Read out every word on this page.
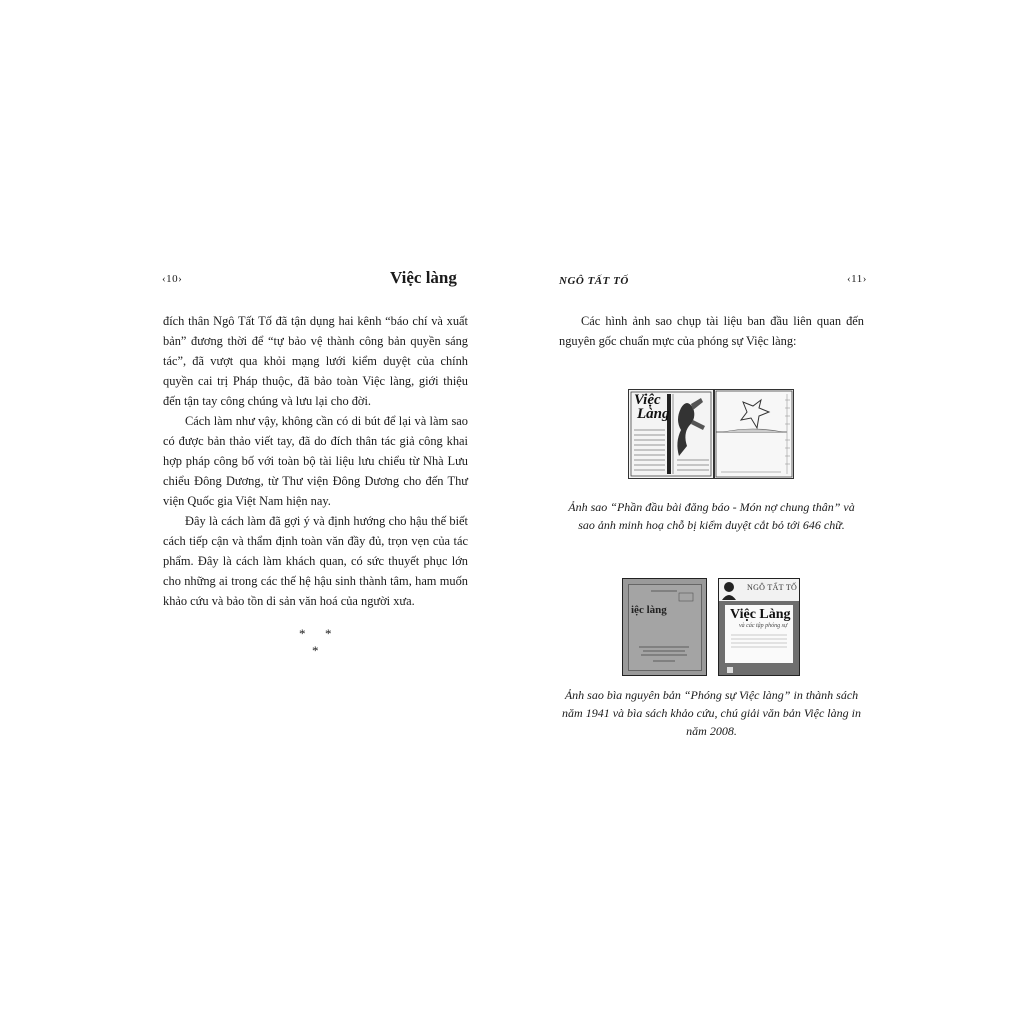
‹10›	Việc làng

đích thân Ngô Tất Tố đã tận dụng hai kênh “báo chí và xuất bản” đương thời để “tự bảo vệ thành công bản quyền sáng tác”, đã vượt qua khỏi mạng lưới kiểm duyệt của chính quyền cai trị Pháp thuộc, đã bảo toàn Việc làng, giới thiệu đến tận tay công chúng và lưu lại cho đời.

Cách làm như vậy, không cần có di bút để lại và làm sao có được bản thảo viết tay, đã do đích thân tác giả công khai hợp pháp công bố với toàn bộ tài liệu lưu chiểu từ Nhà Lưu chiểu Đông Dương, từ Thư viện Đông Dương cho đến Thư viện Quốc gia Việt Nam hiện nay.

Đây là cách làm đã gợi ý và định hướng cho hậu thế biết cách tiếp cận và thẩm định toàn văn đầy đủ, trọn vẹn của tác phẩm. Đây là cách làm khách quan, có sức thuyết phục lớn cho những ai trong các thế hệ hậu sinh thành tâm, ham muốn khảo cứu và bảo tồn di sản văn hoá của người xưa.

* *
*
NGÔ TẤT TỐ	‹11›
Các hình ảnh sao chụp tài liệu ban đầu liên quan đến nguyên gốc chuẩn mực của phóng sự Việc làng:
Việc
Làng
Ảnh sao “Phần đầu bài đăng báo - Món nợ chung thân” và sao ảnh minh hoạ chỗ bị kiểm duyệt cắt bỏ tới 646 chữ.
iệc làng
NGÔ TẤT TỐ
Việc Làng
và các tập phóng sự
Ảnh sao bìa nguyên bản “Phóng sự Việc làng” in thành sách năm 1941 và bìa sách khảo cứu, chú giải văn bản Việc làng in năm 2008.
